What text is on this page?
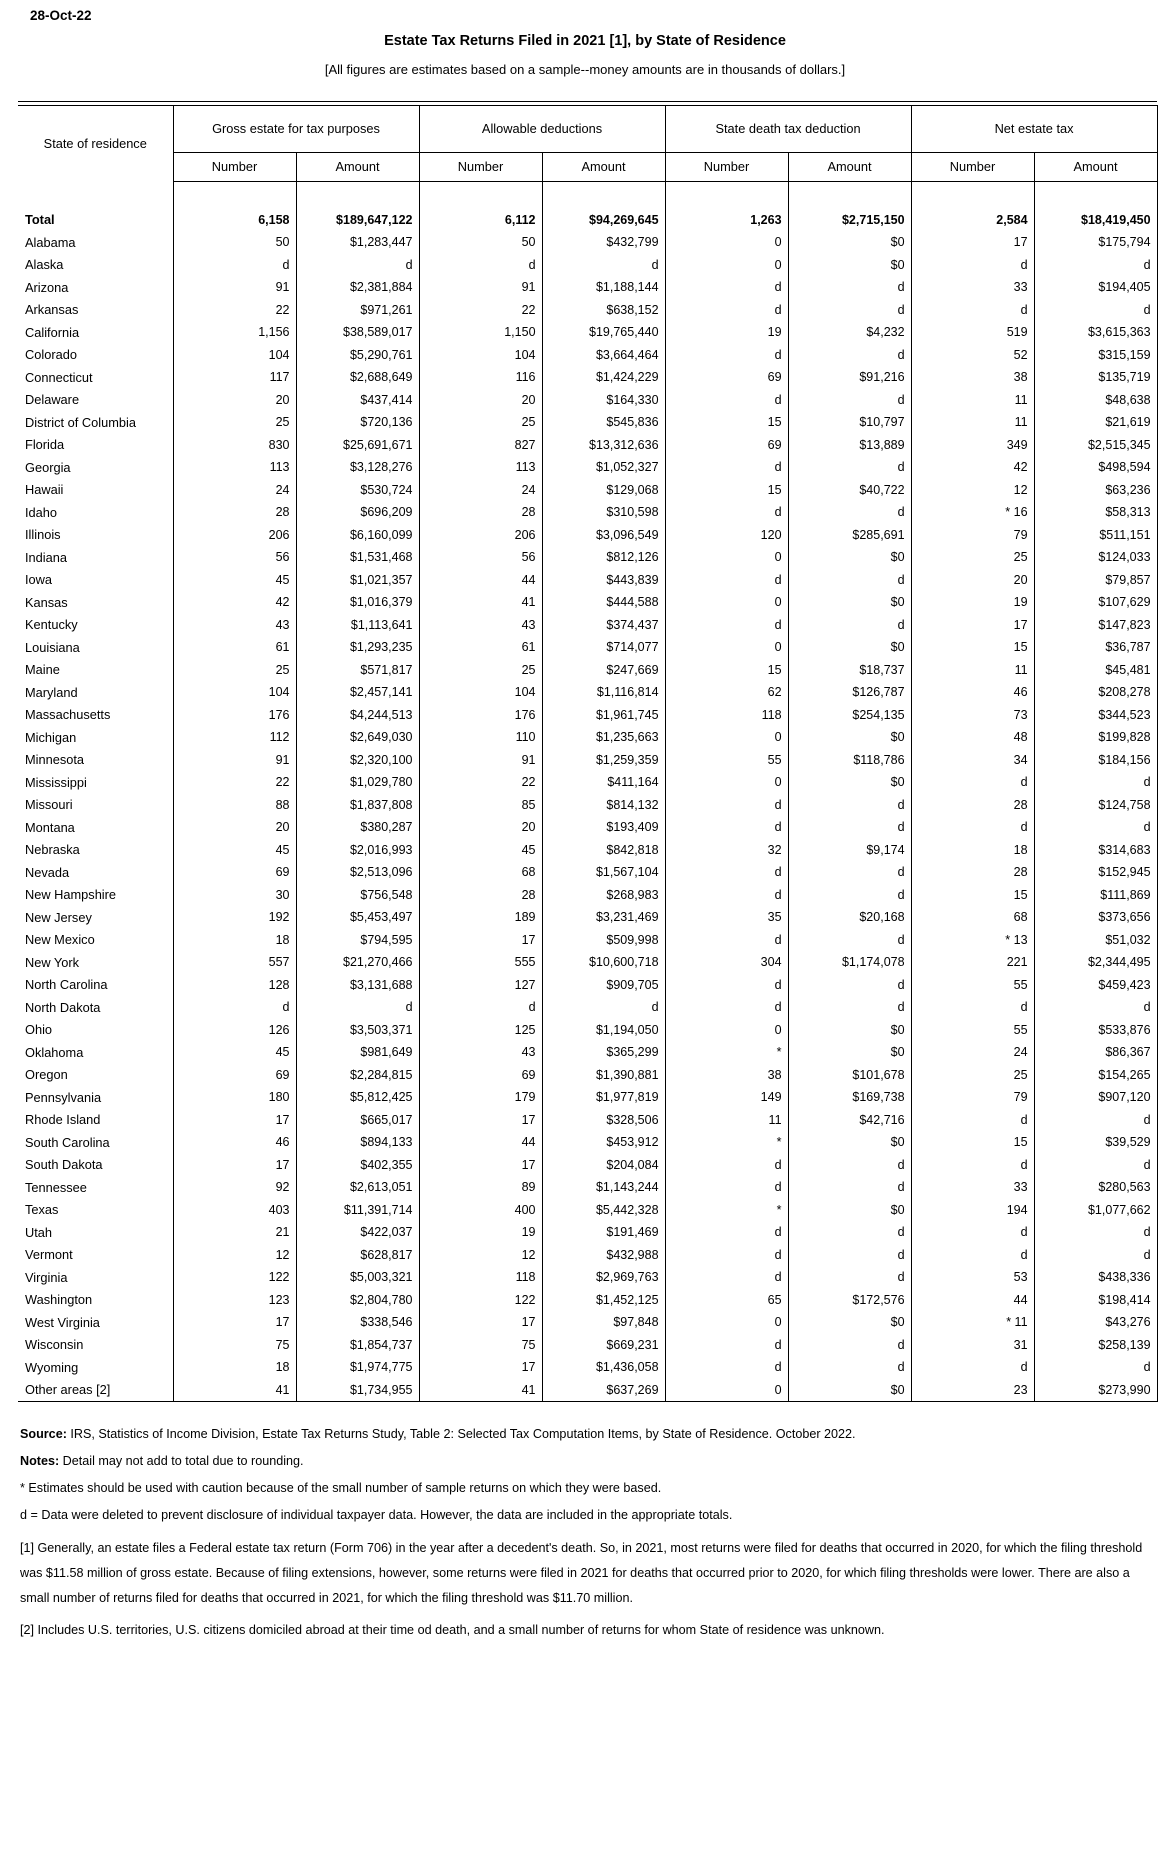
28-Oct-22
Estate Tax Returns Filed in 2021 [1], by State of Residence
[All figures are estimates based on a sample--money amounts are in thousands of dollars.]
State of residence	Gross estate for tax purposes		Allowable deductions		State death tax deduction		Net estate tax	
	Number	Amount	Number	Amount	Number	Amount	Number	Amount

Total	6,158	$189,647,122	6,112	$94,269,645	1,263	$2,715,150	2,584	$18,419,450
Alabama	50	$1,283,447	50	$432,799	0	$0	17	$175,794
Alaska	d	d	d	d	0	$0	d	d
Arizona	91	$2,381,884	91	$1,188,144	d	d	33	$194,405
Arkansas	22	$971,261	22	$638,152	d	d	d	d
California	1,156	$38,589,017	1,150	$19,765,440	19	$4,232	519	$3,615,363
Colorado	104	$5,290,761	104	$3,664,464	d	d	52	$315,159
Connecticut	117	$2,688,649	116	$1,424,229	69	$91,216	38	$135,719
Delaware	20	$437,414	20	$164,330	d	d	11	$48,638
District of Columbia	25	$720,136	25	$545,836	15	$10,797	11	$21,619
Florida	830	$25,691,671	827	$13,312,636	69	$13,889	349	$2,515,345
Georgia	113	$3,128,276	113	$1,052,327	d	d	42	$498,594
Hawaii	24	$530,724	24	$129,068	15	$40,722	12	$63,236
Idaho	28	$696,209	28	$310,598	d	d	* 16	$58,313
Illinois	206	$6,160,099	206	$3,096,549	120	$285,691	79	$511,151
Indiana	56	$1,531,468	56	$812,126	0	$0	25	$124,033
Iowa	45	$1,021,357	44	$443,839	d	d	20	$79,857
Kansas	42	$1,016,379	41	$444,588	0	$0	19	$107,629
Kentucky	43	$1,113,641	43	$374,437	d	d	17	$147,823
Louisiana	61	$1,293,235	61	$714,077	0	$0	15	$36,787
Maine	25	$571,817	25	$247,669	15	$18,737	11	$45,481
Maryland	104	$2,457,141	104	$1,116,814	62	$126,787	46	$208,278
Massachusetts	176	$4,244,513	176	$1,961,745	118	$254,135	73	$344,523
Michigan	112	$2,649,030	110	$1,235,663	0	$0	48	$199,828
Minnesota	91	$2,320,100	91	$1,259,359	55	$118,786	34	$184,156
Mississippi	22	$1,029,780	22	$411,164	0	$0	d	d
Missouri	88	$1,837,808	85	$814,132	d	d	28	$124,758
Montana	20	$380,287	20	$193,409	d	d	d	d
Nebraska	45	$2,016,993	45	$842,818	32	$9,174	18	$314,683
Nevada	69	$2,513,096	68	$1,567,104	d	d	28	$152,945
New Hampshire	30	$756,548	28	$268,983	d	d	15	$111,869
New Jersey	192	$5,453,497	189	$3,231,469	35	$20,168	68	$373,656
New Mexico	18	$794,595	17	$509,998	d	d	* 13	$51,032
New York	557	$21,270,466	555	$10,600,718	304	$1,174,078	221	$2,344,495
North Carolina	128	$3,131,688	127	$909,705	d	d	55	$459,423
North Dakota	d	d	d	d	d	d	d	d
Ohio	126	$3,503,371	125	$1,194,050	0	$0	55	$533,876
Oklahoma	45	$981,649	43	$365,299	*	$0	24	$86,367
Oregon	69	$2,284,815	69	$1,390,881	38	$101,678	25	$154,265
Pennsylvania	180	$5,812,425	179	$1,977,819	149	$169,738	79	$907,120
Rhode Island	17	$665,017	17	$328,506	11	$42,716	d	d
South Carolina	46	$894,133	44	$453,912	*	$0	15	$39,529
South Dakota	17	$402,355	17	$204,084	d	d	d	d
Tennessee	92	$2,613,051	89	$1,143,244	d	d	33	$280,563
Texas	403	$11,391,714	400	$5,442,328	*	$0	194	$1,077,662
Utah	21	$422,037	19	$191,469	d	d	d	d
Vermont	12	$628,817	12	$432,988	d	d	d	d
Virginia	122	$5,003,321	118	$2,969,763	d	d	53	$438,336
Washington	123	$2,804,780	122	$1,452,125	65	$172,576	44	$198,414
West Virginia	17	$338,546	17	$97,848	0	$0	* 11	$43,276
Wisconsin	75	$1,854,737	75	$669,231	d	d	31	$258,139
Wyoming	18	$1,974,775	17	$1,436,058	d	d	d	d
Other areas [2]	41	$1,734,955	41	$637,269	0	$0	23	$273,990
Source: IRS, Statistics of Income Division, Estate Tax Returns Study, Table 2: Selected Tax Computation Items, by State of Residence. October 2022.
Notes: Detail may not add to total due to rounding.
* Estimates should be used with caution because of the small number of sample returns on which they were based.
d = Data were deleted to prevent disclosure of individual taxpayer data. However, the data are included in the appropriate totals.
[1] Generally, an estate files a Federal estate tax return (Form 706) in the year after a decedent's death. So, in 2021, most returns were filed for deaths that occurred in 2020, for which the filing threshold was $11.58 million of gross estate. Because of filing extensions, however, some returns were filed in 2021 for deaths that occurred prior to 2020, for which filing thresholds were lower. There are also a small number of returns filed for deaths that occurred in 2021, for which the filing threshold was $11.70 million.
[2] Includes U.S. territories, U.S. citizens domiciled abroad at their time od death, and a small number of returns for whom State of residence was unknown.
